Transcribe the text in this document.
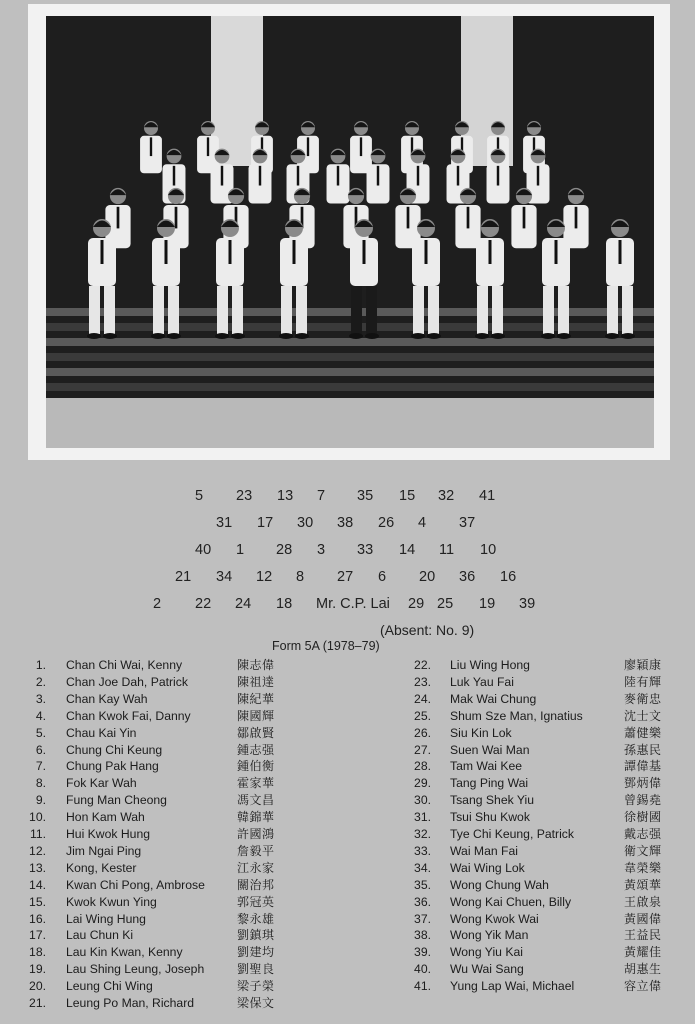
5 23 13 7 35 15 32 41
31 17 30 38 26 4 37
40 1 28 3 33 14 11 10
21 34 12 8 27 6 20 36 16
2 22 24 18 Mr. C.P. Lai 29 25 19 39
(Absent: No. 9)
Form 5A (1978–79)
1. Chan Chi Wai, Kenny	陳志偉
2. Chan Joe Dah, Patrick	陳祖達
3. Chan Kay Wah	陳紀華
4. Chan Kwok Fai, Danny	陳國輝
5. Chau Kai Yin	鄒啟賢
6. Chung Chi Keung	鍾志强
7. Chung Pak Hang	鍾伯衡
8. Fok Kar Wah	霍家華
9. Fung Man Cheong	馮文昌
10. Hon Kam Wah	韓錦華
11. Hui Kwok Hung	許國鴻
12. Jim Ngai Ping	詹毅平
13. Kong, Kester	江永家
14. Kwan Chi Pong, Ambrose	關治邦
15. Kwok Kwun Ying	郭冠英
16. Lai Wing Hung	黎永雄
17. Lau Chun Ki	劉鎮琪
18. Lau Kin Kwan, Kenny	劉建均
19. Lau Shing Leung, Joseph	劉聖良
20. Leung Chi Wing	梁子榮
21. Leung Po Man, Richard	梁保文
22. Liu Wing Hong	廖穎康
23. Luk Yau Fai	陸有輝
24. Mak Wai Chung	麥衛忠
25. Shum Sze Man, Ignatius	沈士文
26. Siu Kin Lok	蕭健樂
27. Suen Wai Man	孫惠民
28. Tam Wai Kee	譚偉基
29. Tang Ping Wai	鄧炳偉
30. Tsang Shek Yiu	曾錫堯
31. Tsui Shu Kwok	徐樹國
32. Tye Chi Keung, Patrick	戴志强
33. Wai Man Fai	衛文輝
34. Wai Wing Lok	韋榮樂
35. Wong Chung Wah	黃頌華
36. Wong Kai Chuen, Billy	王啟泉
37. Wong Kwok Wai	黃國偉
38. Wong Yik Man	王益民
39. Wong Yiu Kai	黃耀佳
40. Wu Wai Sang	胡惠生
41. Yung Lap Wai, Michael	容立偉
